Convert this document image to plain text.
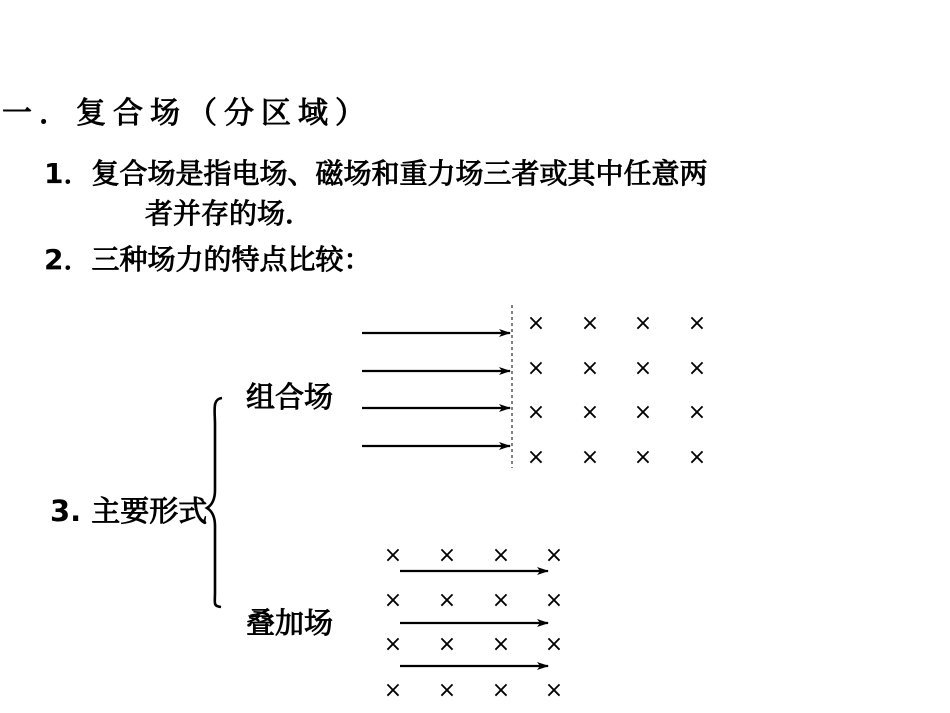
一．复合场（分区域）
1．复合场是指电场、磁场和重力场三者或其中任意两
者并存的场．
2．三种场力的特点比较：
× × × ×
× × × ×
× × × ×
× × × ×
× × × ×
× × × ×
× × × ×
× × × ×
组合场
3. 主要形式
叠加场
